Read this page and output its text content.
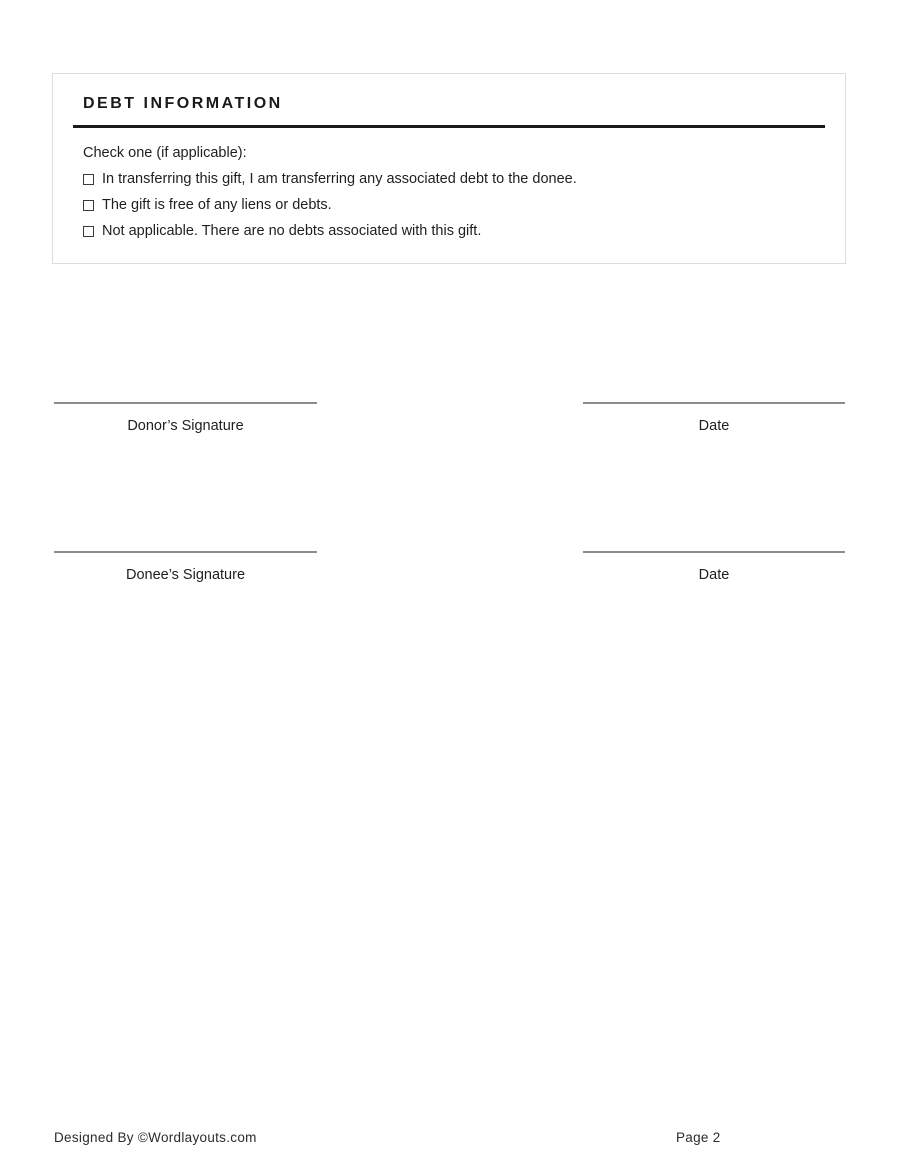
DEBT INFORMATION
Check one (if applicable):
In transferring this gift, I am transferring any associated debt to the donee.
The gift is free of any liens or debts.
Not applicable. There are no debts associated with this gift.
Donor’s Signature	Date
Donee’s Signature	Date
Designed By ©Wordlayouts.com	Page 2
